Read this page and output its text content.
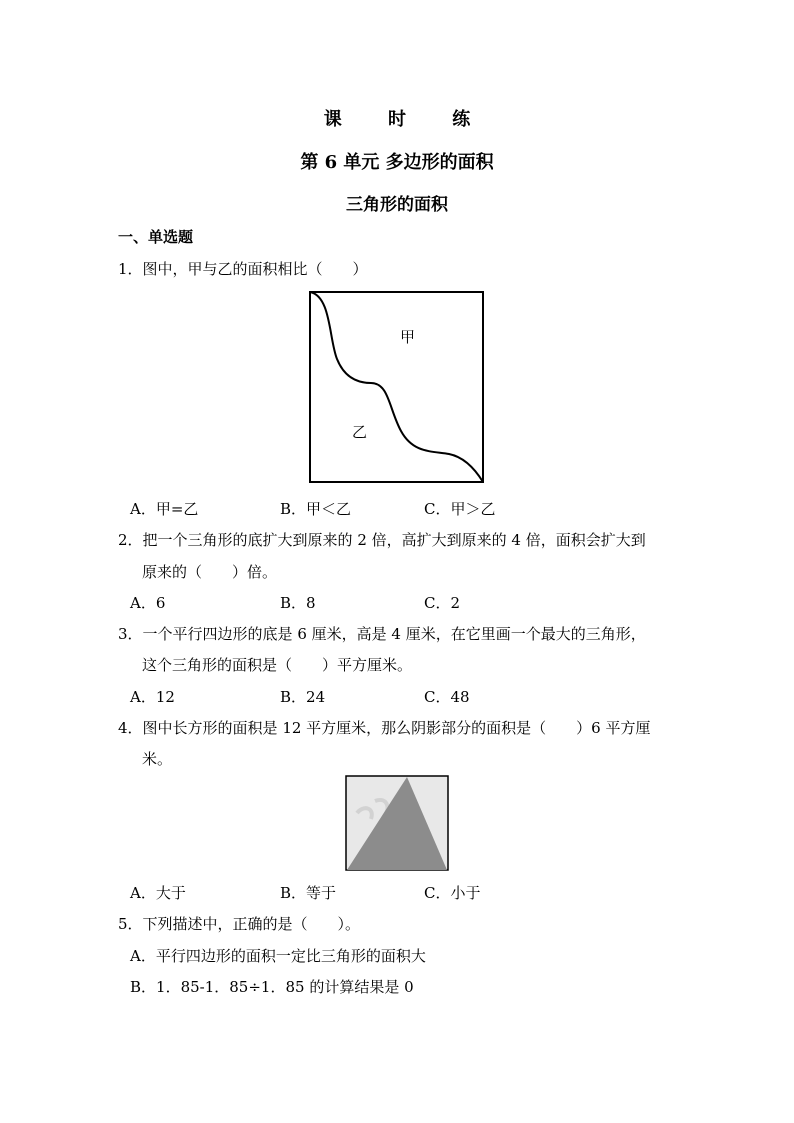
课 时 练
第 6 单元 多边形的面积
三角形的面积
一、单选题
1．图中，甲与乙的面积相比（　　）
甲
乙
A．甲=乙	B．甲＜乙	C．甲＞乙
2．把一个三角形的底扩大到原来的 2 倍，高扩大到原来的 4 倍，面积会扩大到
原来的（　　）倍。
A．6	B．8	C．2
3．一个平行四边形的底是 6 厘米，高是 4 厘米，在它里画一个最大的三角形，
这个三角形的面积是（　　）平方厘米。
A．12	B．24	C．48
4．图中长方形的面积是 12 平方厘米，那么阴影部分的面积是（　　）6 平方厘
米。
A．大于	B．等于	C．小于
5．下列描述中，正确的是（　　）。
A．平行四边形的面积一定比三角形的面积大
B．1．85-1．85÷1．85 的计算结果是 0
